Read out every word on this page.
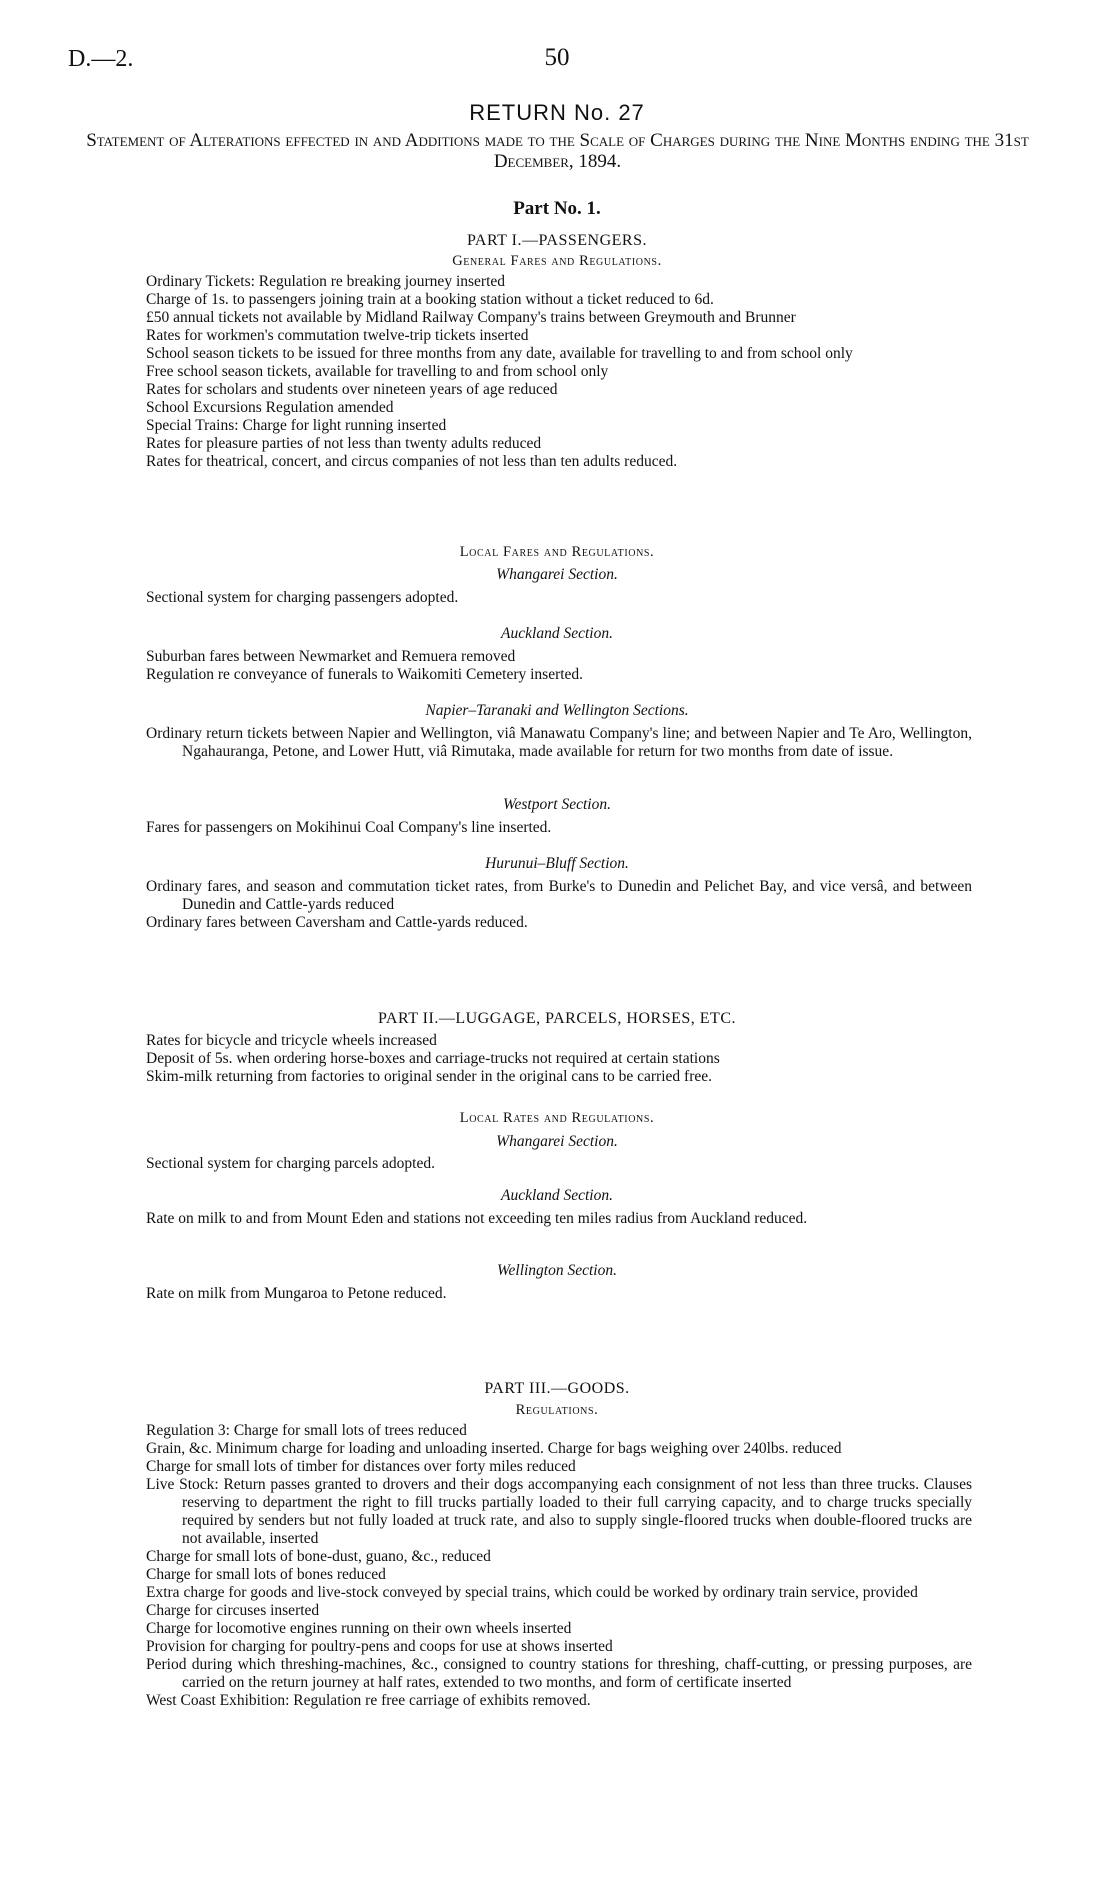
D.—2.	50
RETURN No. 27
Statement of Alterations effected in and Additions made to the Scale of Charges during the Nine Months ending the 31st December, 1894.
Part No. 1.
PART I.—PASSENGERS.
General Fares and Regulations.

Ordinary Tickets: Regulation re breaking journey inserted

Charge of 1s. to passengers joining train at a booking station without a ticket reduced to 6d.

£50 annual tickets not available by Midland Railway Company's trains between Greymouth and Brunner

Rates for workmen's commutation twelve-trip tickets inserted

School season tickets to be issued for three months from any date, available for travelling to and from school only

Free school season tickets, available for travelling to and from school only

Rates for scholars and students over nineteen years of age reduced

School Excursions Regulation amended

Special Trains: Charge for light running inserted

Rates for pleasure parties of not less than twenty adults reduced

Rates for theatrical, concert, and circus companies of not less than ten adults reduced.

Local Fares and Regulations.
Whangarei Section.

Sectional system for charging passengers adopted.

Auckland Section.

Suburban fares between Newmarket and Remuera removed

Regulation re conveyance of funerals to Waikomiti Cemetery inserted.

Napier–Taranaki and Wellington Sections.

Ordinary return tickets between Napier and Wellington, viâ Manawatu Company's line; and between Napier and Te Aro, Wellington, Ngahauranga, Petone, and Lower Hutt, viâ Rimutaka, made available for return for two months from date of issue.

Westport Section.

Fares for passengers on Mokihinui Coal Company's line inserted.

Hurunui–Bluff Section.

Ordinary fares, and season and commutation ticket rates, from Burke's to Dunedin and Pelichet Bay, and vice versâ, and between Dunedin and Cattle-yards reduced

Ordinary fares between Caversham and Cattle-yards reduced.

PART II.—LUGGAGE, PARCELS, HORSES, ETC.

Rates for bicycle and tricycle wheels increased

Deposit of 5s. when ordering horse-boxes and carriage-trucks not required at certain stations

Skim-milk returning from factories to original sender in the original cans to be carried free.

Local Rates and Regulations.
Whangarei Section.

Sectional system for charging parcels adopted.

Auckland Section.

Rate on milk to and from Mount Eden and stations not exceeding ten miles radius from Auckland reduced.

Wellington Section.

Rate on milk from Mungaroa to Petone reduced.

PART III.—GOODS.
Regulations.

Regulation 3: Charge for small lots of trees reduced

Grain, &c. Minimum charge for loading and unloading inserted. Charge for bags weighing over 240lbs. reduced

Charge for small lots of timber for distances over forty miles reduced

Live Stock: Return passes granted to drovers and their dogs accompanying each consignment of not less than three trucks. Clauses reserving to department the right to fill trucks partially loaded to their full carrying capacity, and to charge trucks specially required by senders but not fully loaded at truck rate, and also to supply single-floored trucks when double-floored trucks are not available, inserted

Charge for small lots of bone-dust, guano, &c., reduced

Charge for small lots of bones reduced

Extra charge for goods and live-stock conveyed by special trains, which could be worked by ordinary train service, provided

Charge for circuses inserted

Charge for locomotive engines running on their own wheels inserted

Provision for charging for poultry-pens and coops for use at shows inserted

Period during which threshing-machines, &c., consigned to country stations for threshing, chaff-cutting, or pressing purposes, are carried on the return journey at half rates, extended to two months, and form of certificate inserted

West Coast Exhibition: Regulation re free carriage of exhibits removed.
